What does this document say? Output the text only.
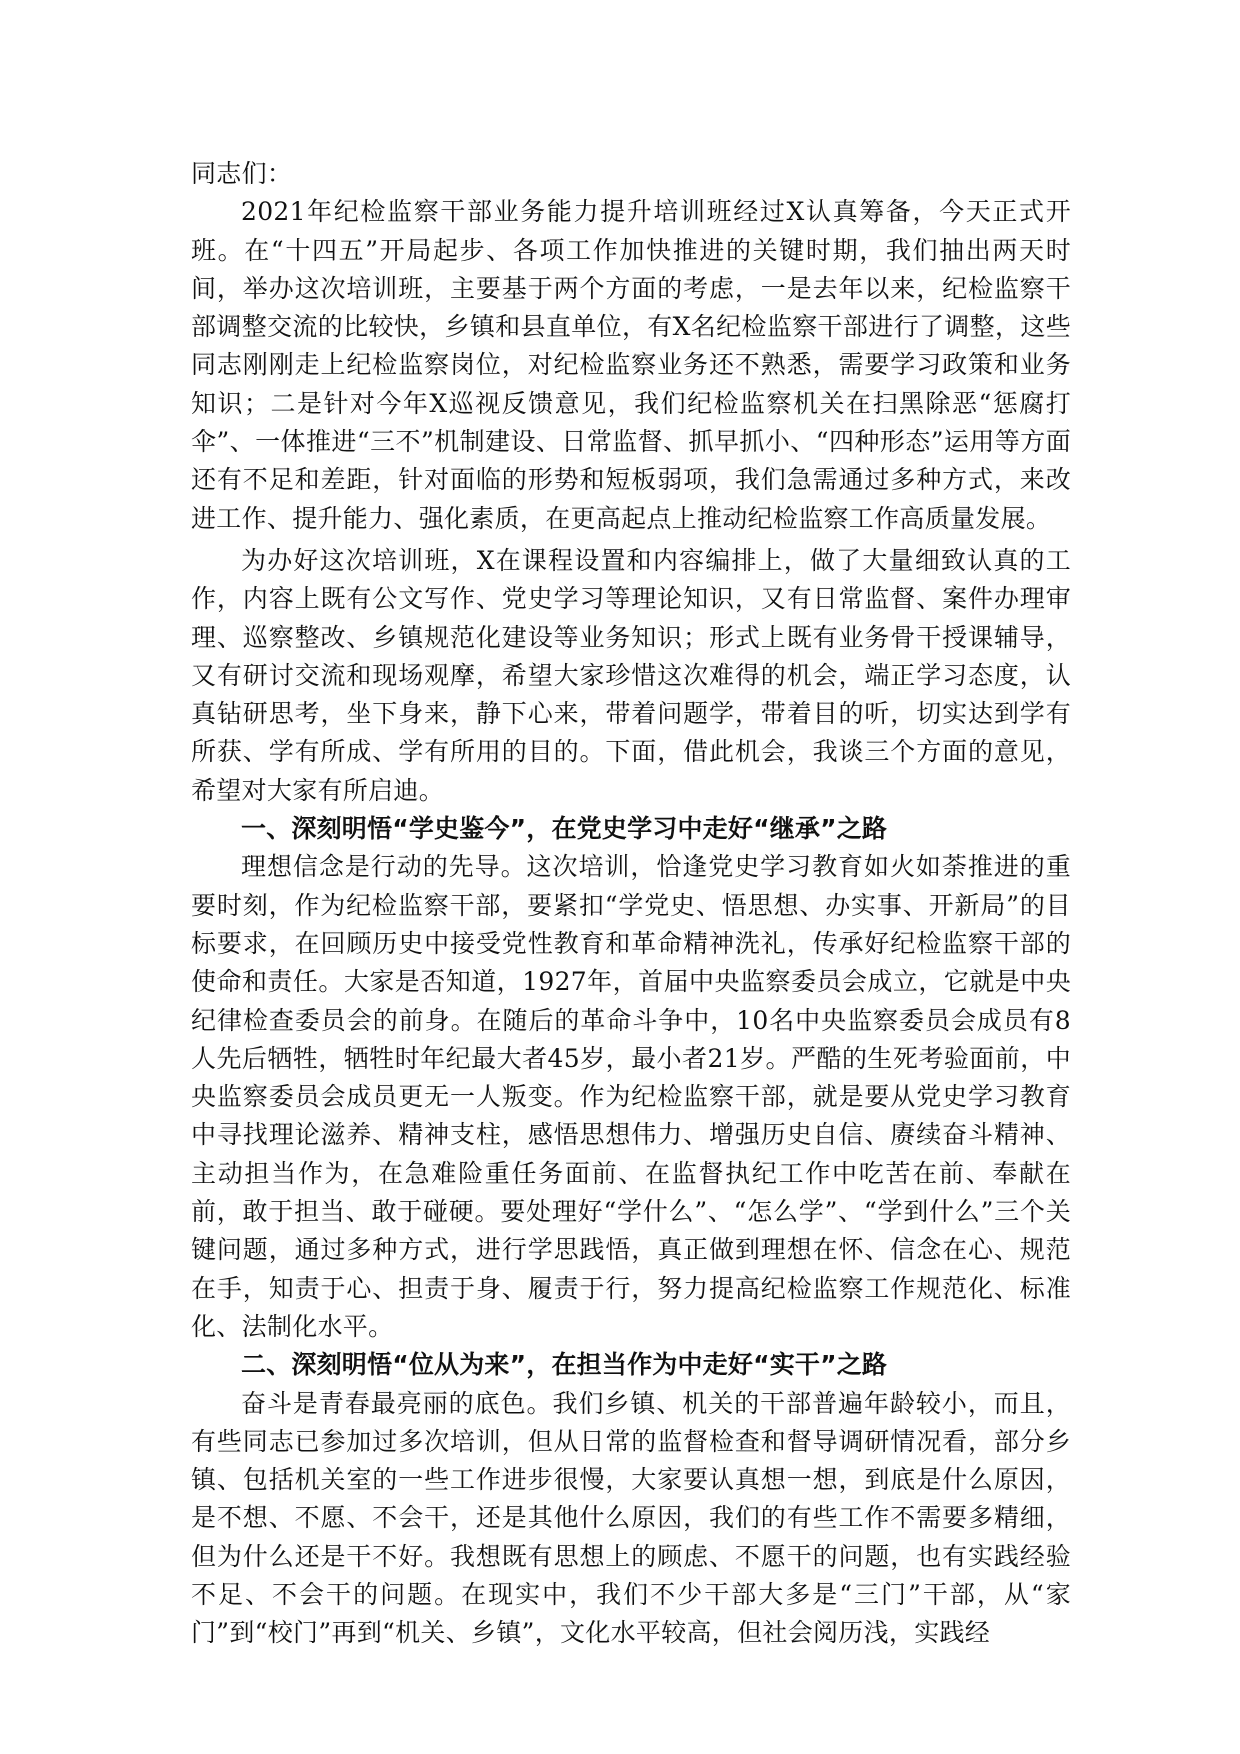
同志们：

2021年纪检监察干部业务能力提升培训班经过X认真筹备，今天正式开班。在“十四五”开局起步、各项工作加快推进的关键时期，我们抽出两天时间，举办这次培训班，主要基于两个方面的考虑，一是去年以来，纪检监察干部调整交流的比较快，乡镇和县直单位，有X名纪检监察干部进行了调整，这些同志刚刚走上纪检监察岗位，对纪检监察业务还不熟悉，需要学习政策和业务知识；二是针对今年X巡视反馈意见，我们纪检监察机关在扫黑除恶“惩腐打伞”、一体推进“三不”机制建设、日常监督、抓早抓小、“四种形态”运用等方面还有不足和差距，针对面临的形势和短板弱项，我们急需通过多种方式，来改进工作、提升能力、强化素质，在更高起点上推动纪检监察工作高质量发展。

为办好这次培训班，X在课程设置和内容编排上，做了大量细致认真的工作，内容上既有公文写作、党史学习等理论知识，又有日常监督、案件办理审理、巡察整改、乡镇规范化建设等业务知识；形式上既有业务骨干授课辅导，又有研讨交流和现场观摩，希望大家珍惜这次难得的机会，端正学习态度，认真钻研思考，坐下身来，静下心来，带着问题学，带着目的听，切实达到学有所获、学有所成、学有所用的目的。下面，借此机会，我谈三个方面的意见，希望对大家有所启迪。

一、深刻明悟“学史鉴今”，在党史学习中走好“继承”之路

理想信念是行动的先导。这次培训，恰逢党史学习教育如火如荼推进的重要时刻，作为纪检监察干部，要紧扣“学党史、悟思想、办实事、开新局”的目标要求，在回顾历史中接受党性教育和革命精神洗礼，传承好纪检监察干部的使命和责任。大家是否知道，1927年，首届中央监察委员会成立，它就是中央纪律检查委员会的前身。在随后的革命斗争中，10名中央监察委员会成员有8人先后牺牲，牺牲时年纪最大者45岁，最小者21岁。严酷的生死考验面前，中央监察委员会成员更无一人叛变。作为纪检监察干部，就是要从党史学习教育中寻找理论滋养、精神支柱，感悟思想伟力、增强历史自信、赓续奋斗精神、主动担当作为，在急难险重任务面前、在监督执纪工作中吃苦在前、奉献在前，敢于担当、敢于碰硬。要处理好“学什么”、“怎么学”、“学到什么”三个关键问题，通过多种方式，进行学思践悟，真正做到理想在怀、信念在心、规范在手，知责于心、担责于身、履责于行，努力提高纪检监察工作规范化、标准化、法制化水平。

二、深刻明悟“位从为来”，在担当作为中走好“实干”之路

奋斗是青春最亮丽的底色。我们乡镇、机关的干部普遍年龄较小，而且，有些同志已参加过多次培训，但从日常的监督检查和督导调研情况看，部分乡镇、包括机关室的一些工作进步很慢，大家要认真想一想，到底是什么原因，是不想、不愿、不会干，还是其他什么原因，我们的有些工作不需要多精细，但为什么还是干不好。我想既有思想上的顾虑、不愿干的问题，也有实践经验不足、不会干的问题。在现实中，我们不少干部大多是“三门”干部，从“家门”到“校门”再到“机关、乡镇”，文化水平较高，但社会阅历浅，实践经
